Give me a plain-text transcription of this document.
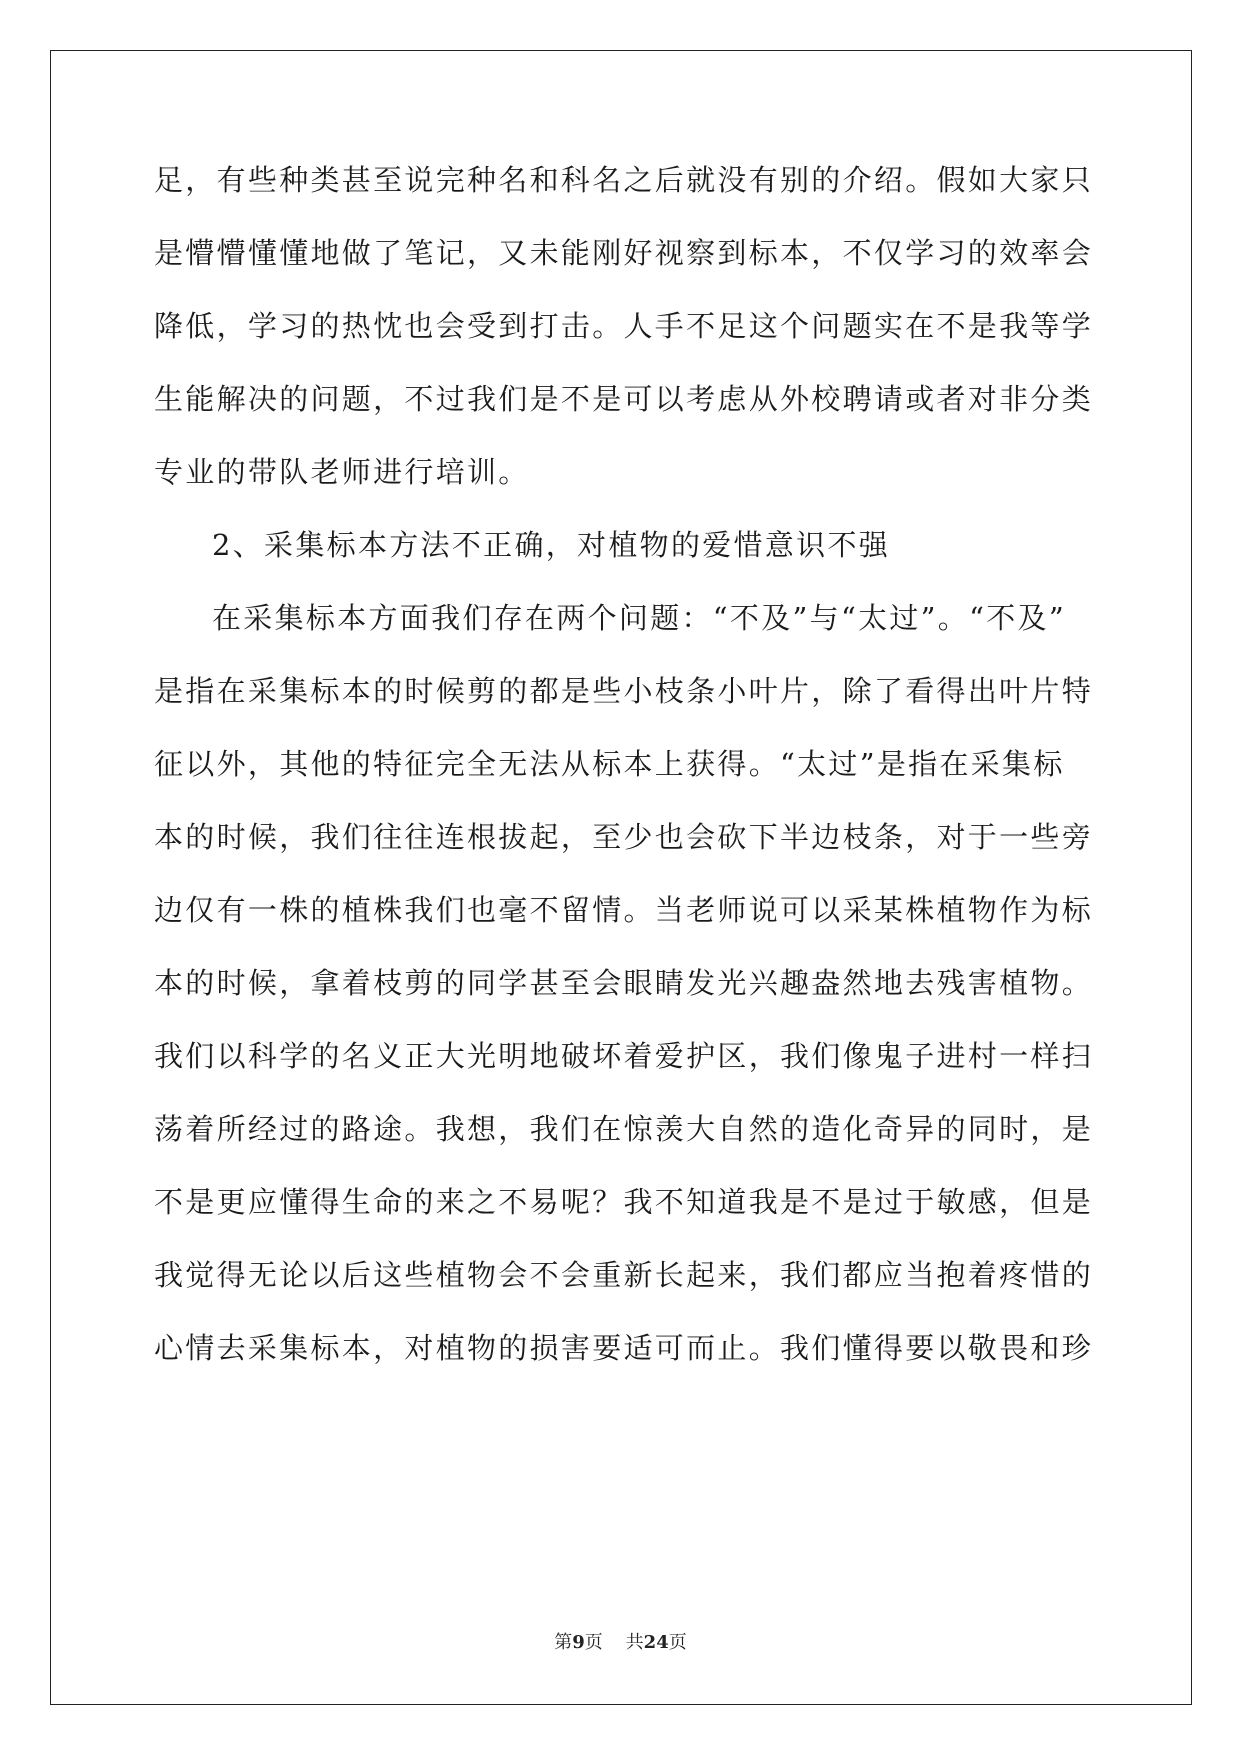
足，有些种类甚至说完种名和科名之后就没有别的介绍。假如大家只
是懵懵懂懂地做了笔记，又未能刚好视察到标本，不仅学习的效率会
降低，学习的热忱也会受到打击。人手不足这个问题实在不是我等学
生能解决的问题，不过我们是不是可以考虑从外校聘请或者对非分类
专业的带队老师进行培训。
2、采集标本方法不正确，对植物的爱惜意识不强
在采集标本方面我们存在两个问题：“不及”与“太过”。“不及”
是指在采集标本的时候剪的都是些小枝条小叶片，除了看得出叶片特
征以外，其他的特征完全无法从标本上获得。“太过”是指在采集标
本的时候，我们往往连根拔起，至少也会砍下半边枝条，对于一些旁
边仅有一株的植株我们也毫不留情。当老师说可以采某株植物作为标
本的时候，拿着枝剪的同学甚至会眼睛发光兴趣盎然地去残害植物。
我们以科学的名义正大光明地破坏着爱护区，我们像鬼子进村一样扫
荡着所经过的路途。我想，我们在惊羡大自然的造化奇异的同时，是
不是更应懂得生命的来之不易呢？我不知道我是不是过于敏感，但是
我觉得无论以后这些植物会不会重新长起来，我们都应当抱着疼惜的
心情去采集标本，对植物的损害要适可而止。我们懂得要以敬畏和珍
第9页 共24页
